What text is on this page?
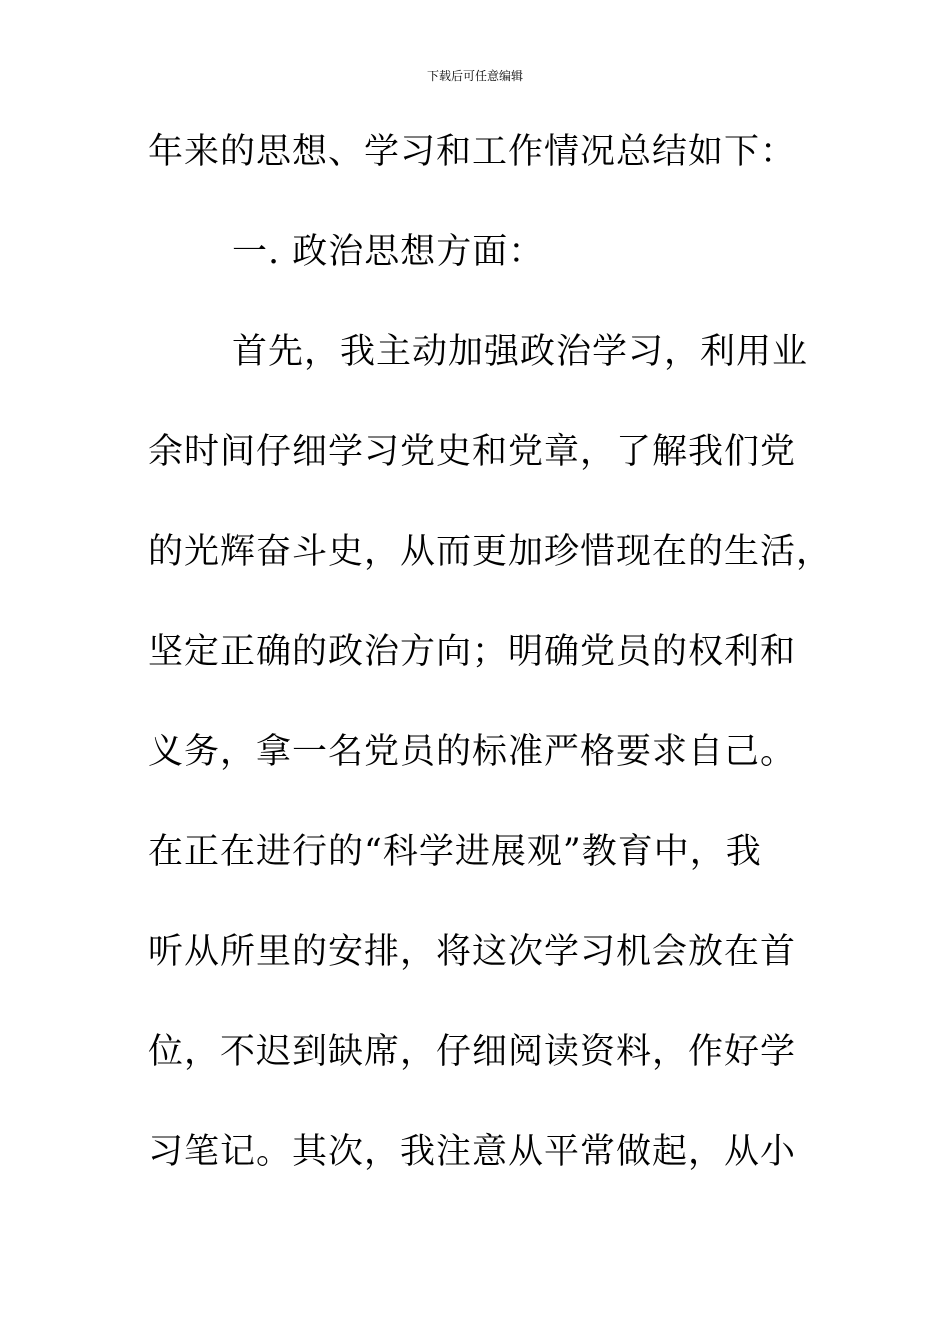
下载后可任意编辑
年来的思想、学习和工作情况总结如下：
一. 政治思想方面：
首先，我主动加强政治学习，利用业
余时间仔细学习党史和党章，了解我们党
的光辉奋斗史，从而更加珍惜现在的生活，
坚定正确的政治方向；明确党员的权利和
义务，拿一名党员的标准严格要求自己。
在正在进行的“科学进展观”教育中，我
听从所里的安排，将这次学习机会放在首
位，不迟到缺席，仔细阅读资料，作好学
习笔记。其次，我注意从平常做起，从小
